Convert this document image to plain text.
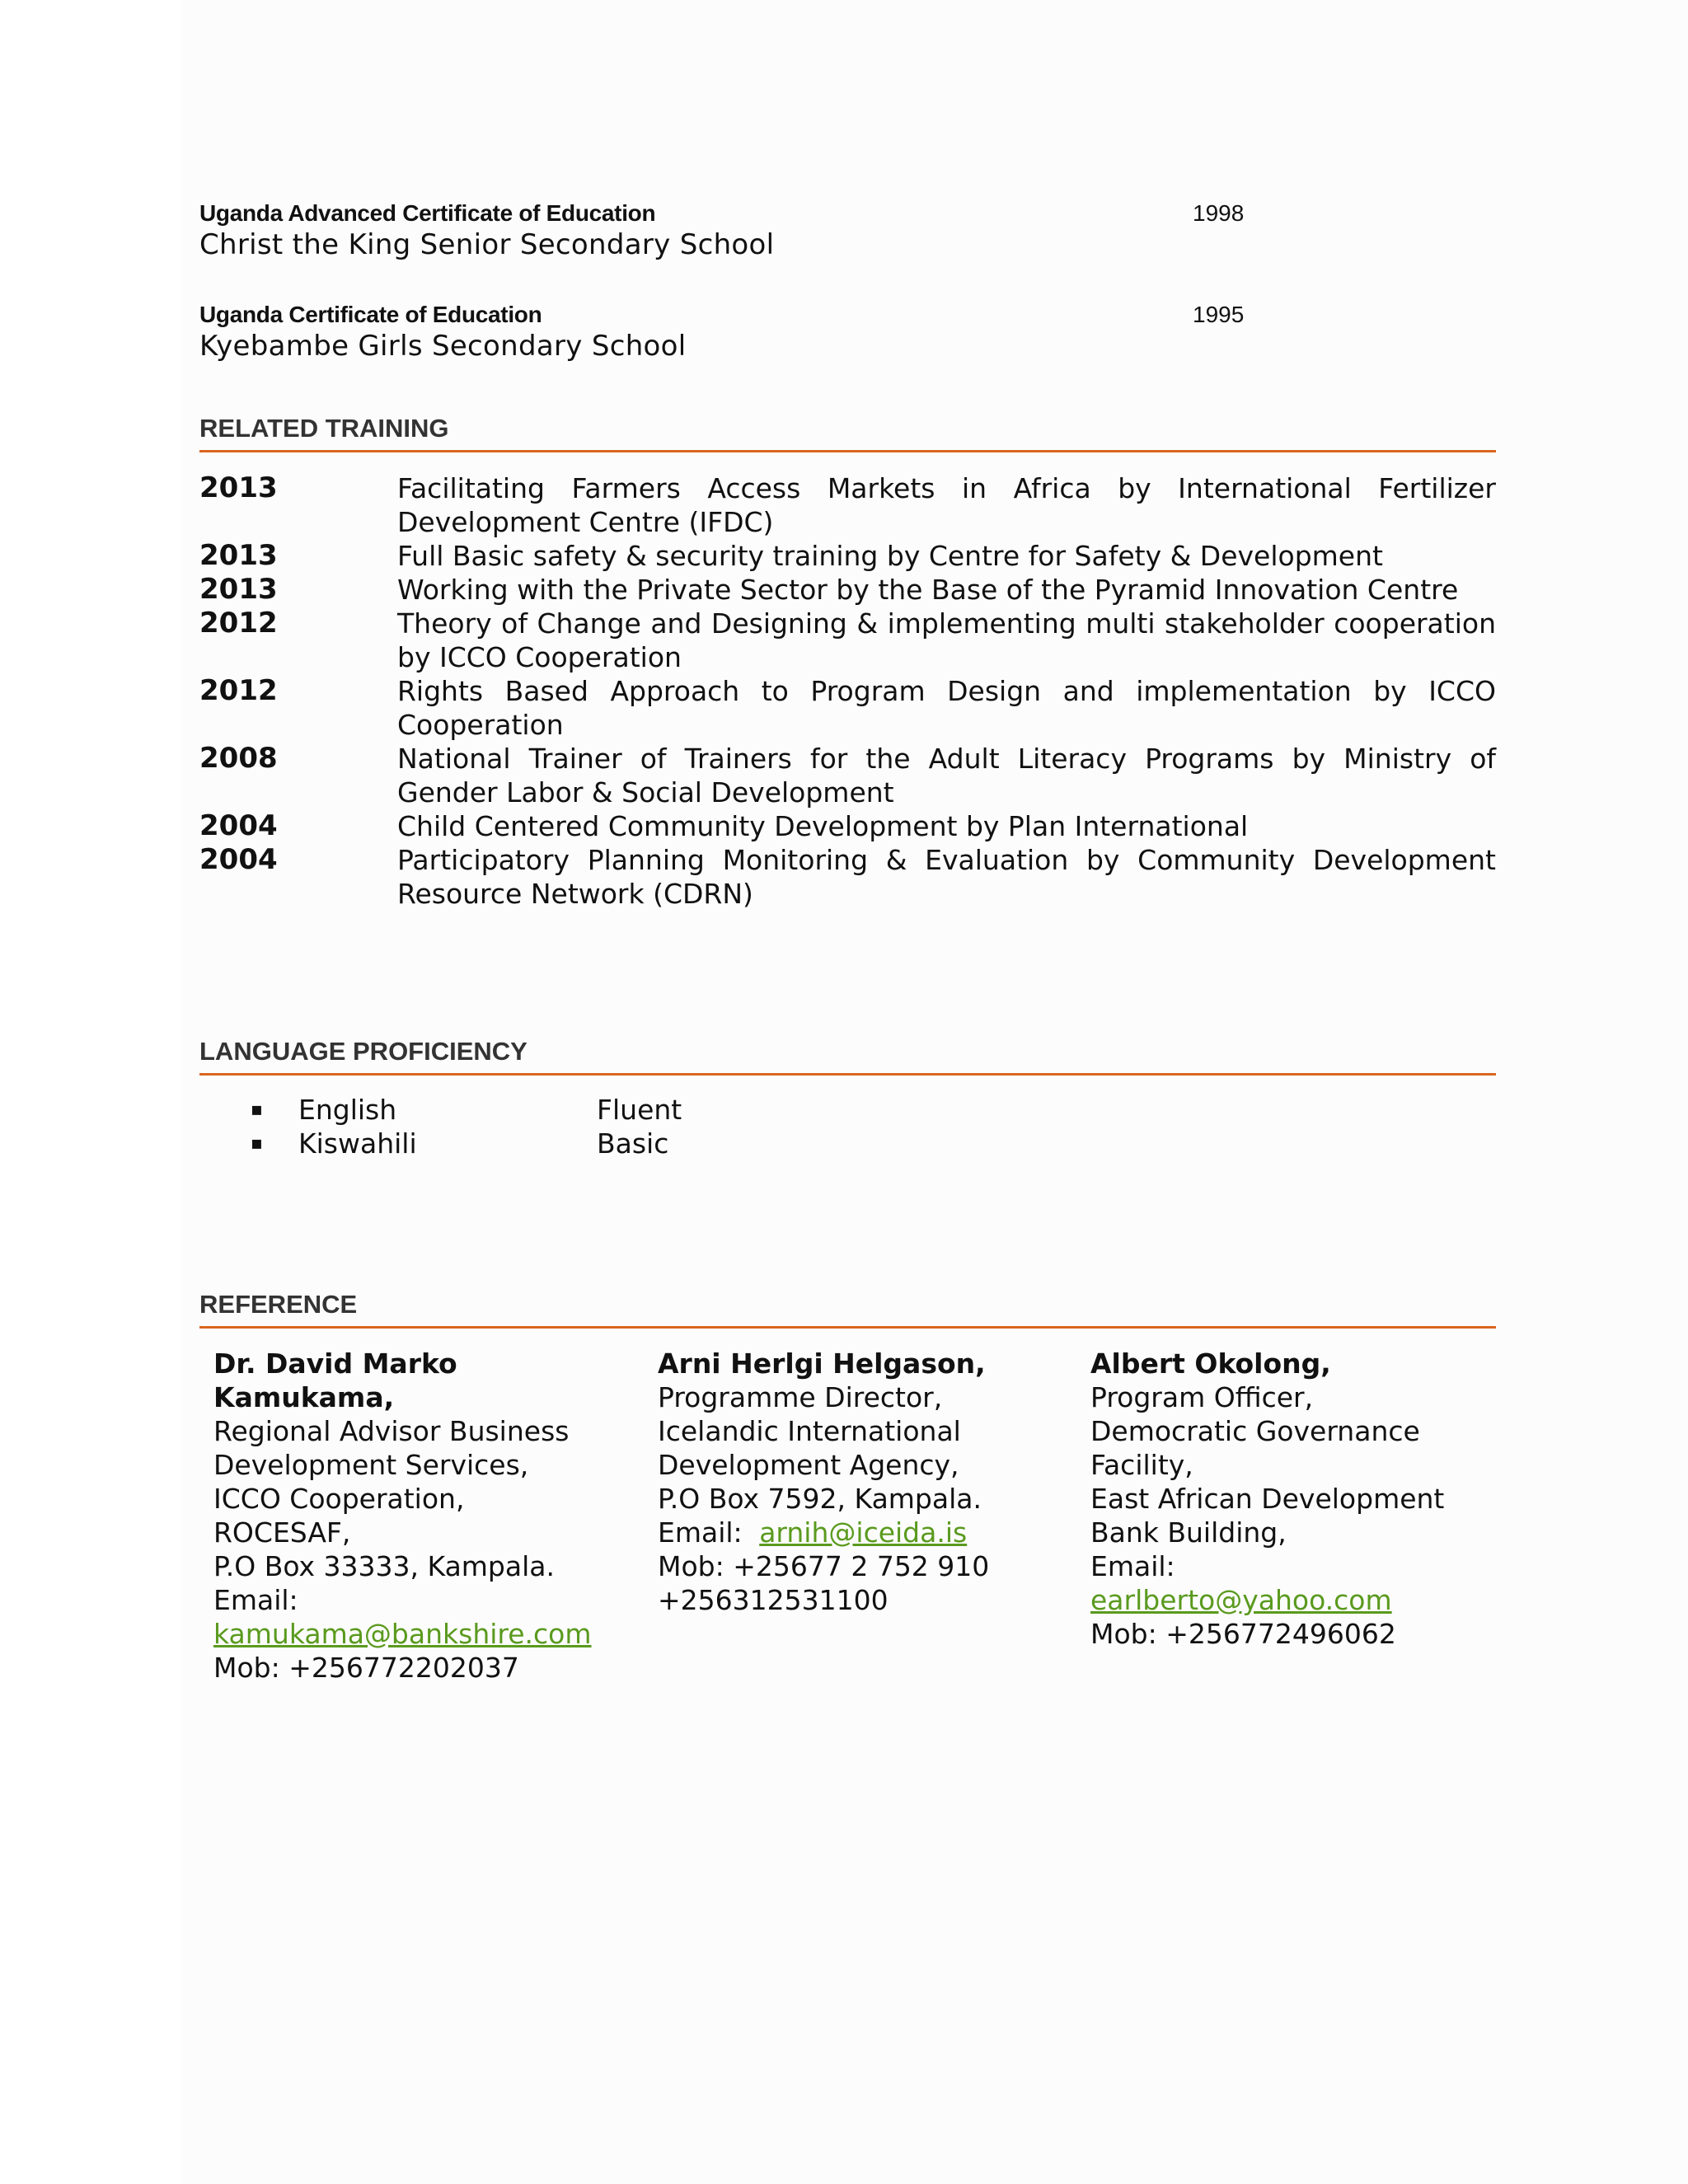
Uganda Advanced Certificate of Education	1998
Christ the King Senior Secondary School
Uganda Certificate of Education	1995
Kyebambe Girls Secondary School
RELATED TRAINING
2013	Facilitating Farmers Access Markets in Africa by International Fertilizer Development Centre (IFDC)
2013	Full Basic safety & security training by Centre for Safety & Development
2013	Working with the Private Sector by the Base of the Pyramid Innovation Centre
2012	Theory of Change and Designing & implementing multi stakeholder cooperation by ICCO Cooperation
2012	Rights Based Approach to Program Design and implementation by ICCO Cooperation
2008	National Trainer of Trainers for the Adult Literacy Programs by Ministry of Gender Labor & Social Development
2004	Child Centered Community Development by Plan International
2004	Participatory Planning Monitoring & Evaluation by Community Development Resource Network (CDRN)
LANGUAGE PROFICIENCY
▪	English	Fluent
▪	Kiswahili	Basic
REFERENCE
Dr. David Marko
Kamukama,
Regional Advisor Business
Development Services,
ICCO Cooperation,
ROCESAF,
P.O Box 33333, Kampala.
Email:
kamukama@bankshire.com
Mob: +256772202037
Arni Herlgi Helgason,
Programme Director,
Icelandic International
Development Agency,
P.O Box 7592, Kampala.
Email: arnih@iceida.is
Mob: +25677 2 752 910
+256312531100
Albert Okolong,
Program Officer,
Democratic Governance
Facility,
East African Development
Bank Building,
Email:
earlberto@yahoo.com
Mob: +256772496062
